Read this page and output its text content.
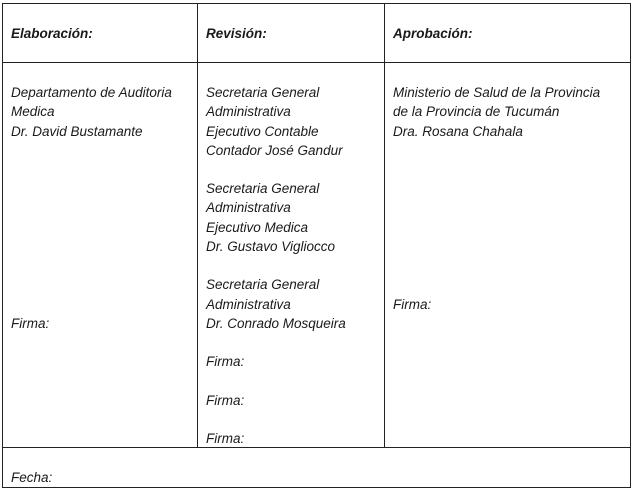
Elaboración:	Revisión:	Aprobación:
Departamento de Auditoria
Medica
Dr. David Bustamante
Firma:
Secretaria General
Administrativa
Ejecutivo Contable
Contador José Gandur
Secretaria General
Administrativa
Ejecutivo Medica
Dr. Gustavo Vigliocco
Secretaria General
Administrativa
Dr. Conrado Mosqueira
Firma:
Firma:
Firma:
Ministerio de Salud de la Provincia
de la Provincia de Tucumán
Dra. Rosana Chahala
Firma:
Fecha:
